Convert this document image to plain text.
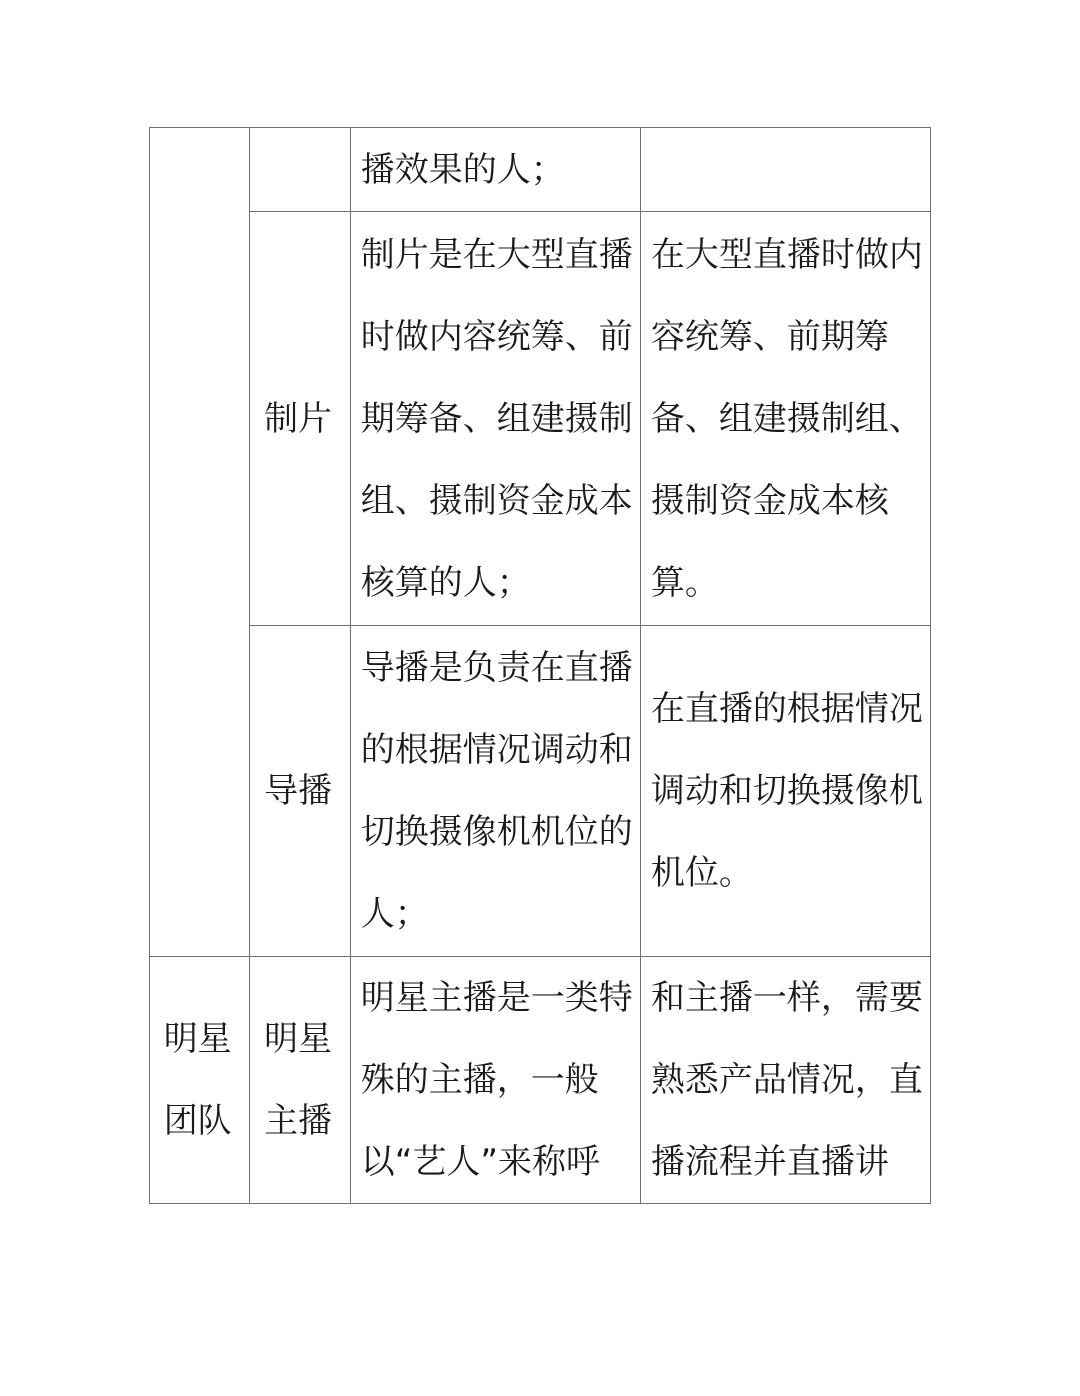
		播效果的人；	

	制片	制片是在大型直播时做内容统筹、前期筹备、组建摄制组、摄制资金成本核算的人；	在大型直播时做内容统筹、前期筹备、组建摄制组、摄制资金成本核算。

	导播	导播是负责在直播的根据情况调动和切换摄像机机位的人；	在直播的根据情况调动和切换摄像机机位。

明星团队	明星主播	明星主播是一类特殊的主播，一般以“艺人”来称呼	和主播一样，需要熟悉产品情况，直播流程并直播讲
